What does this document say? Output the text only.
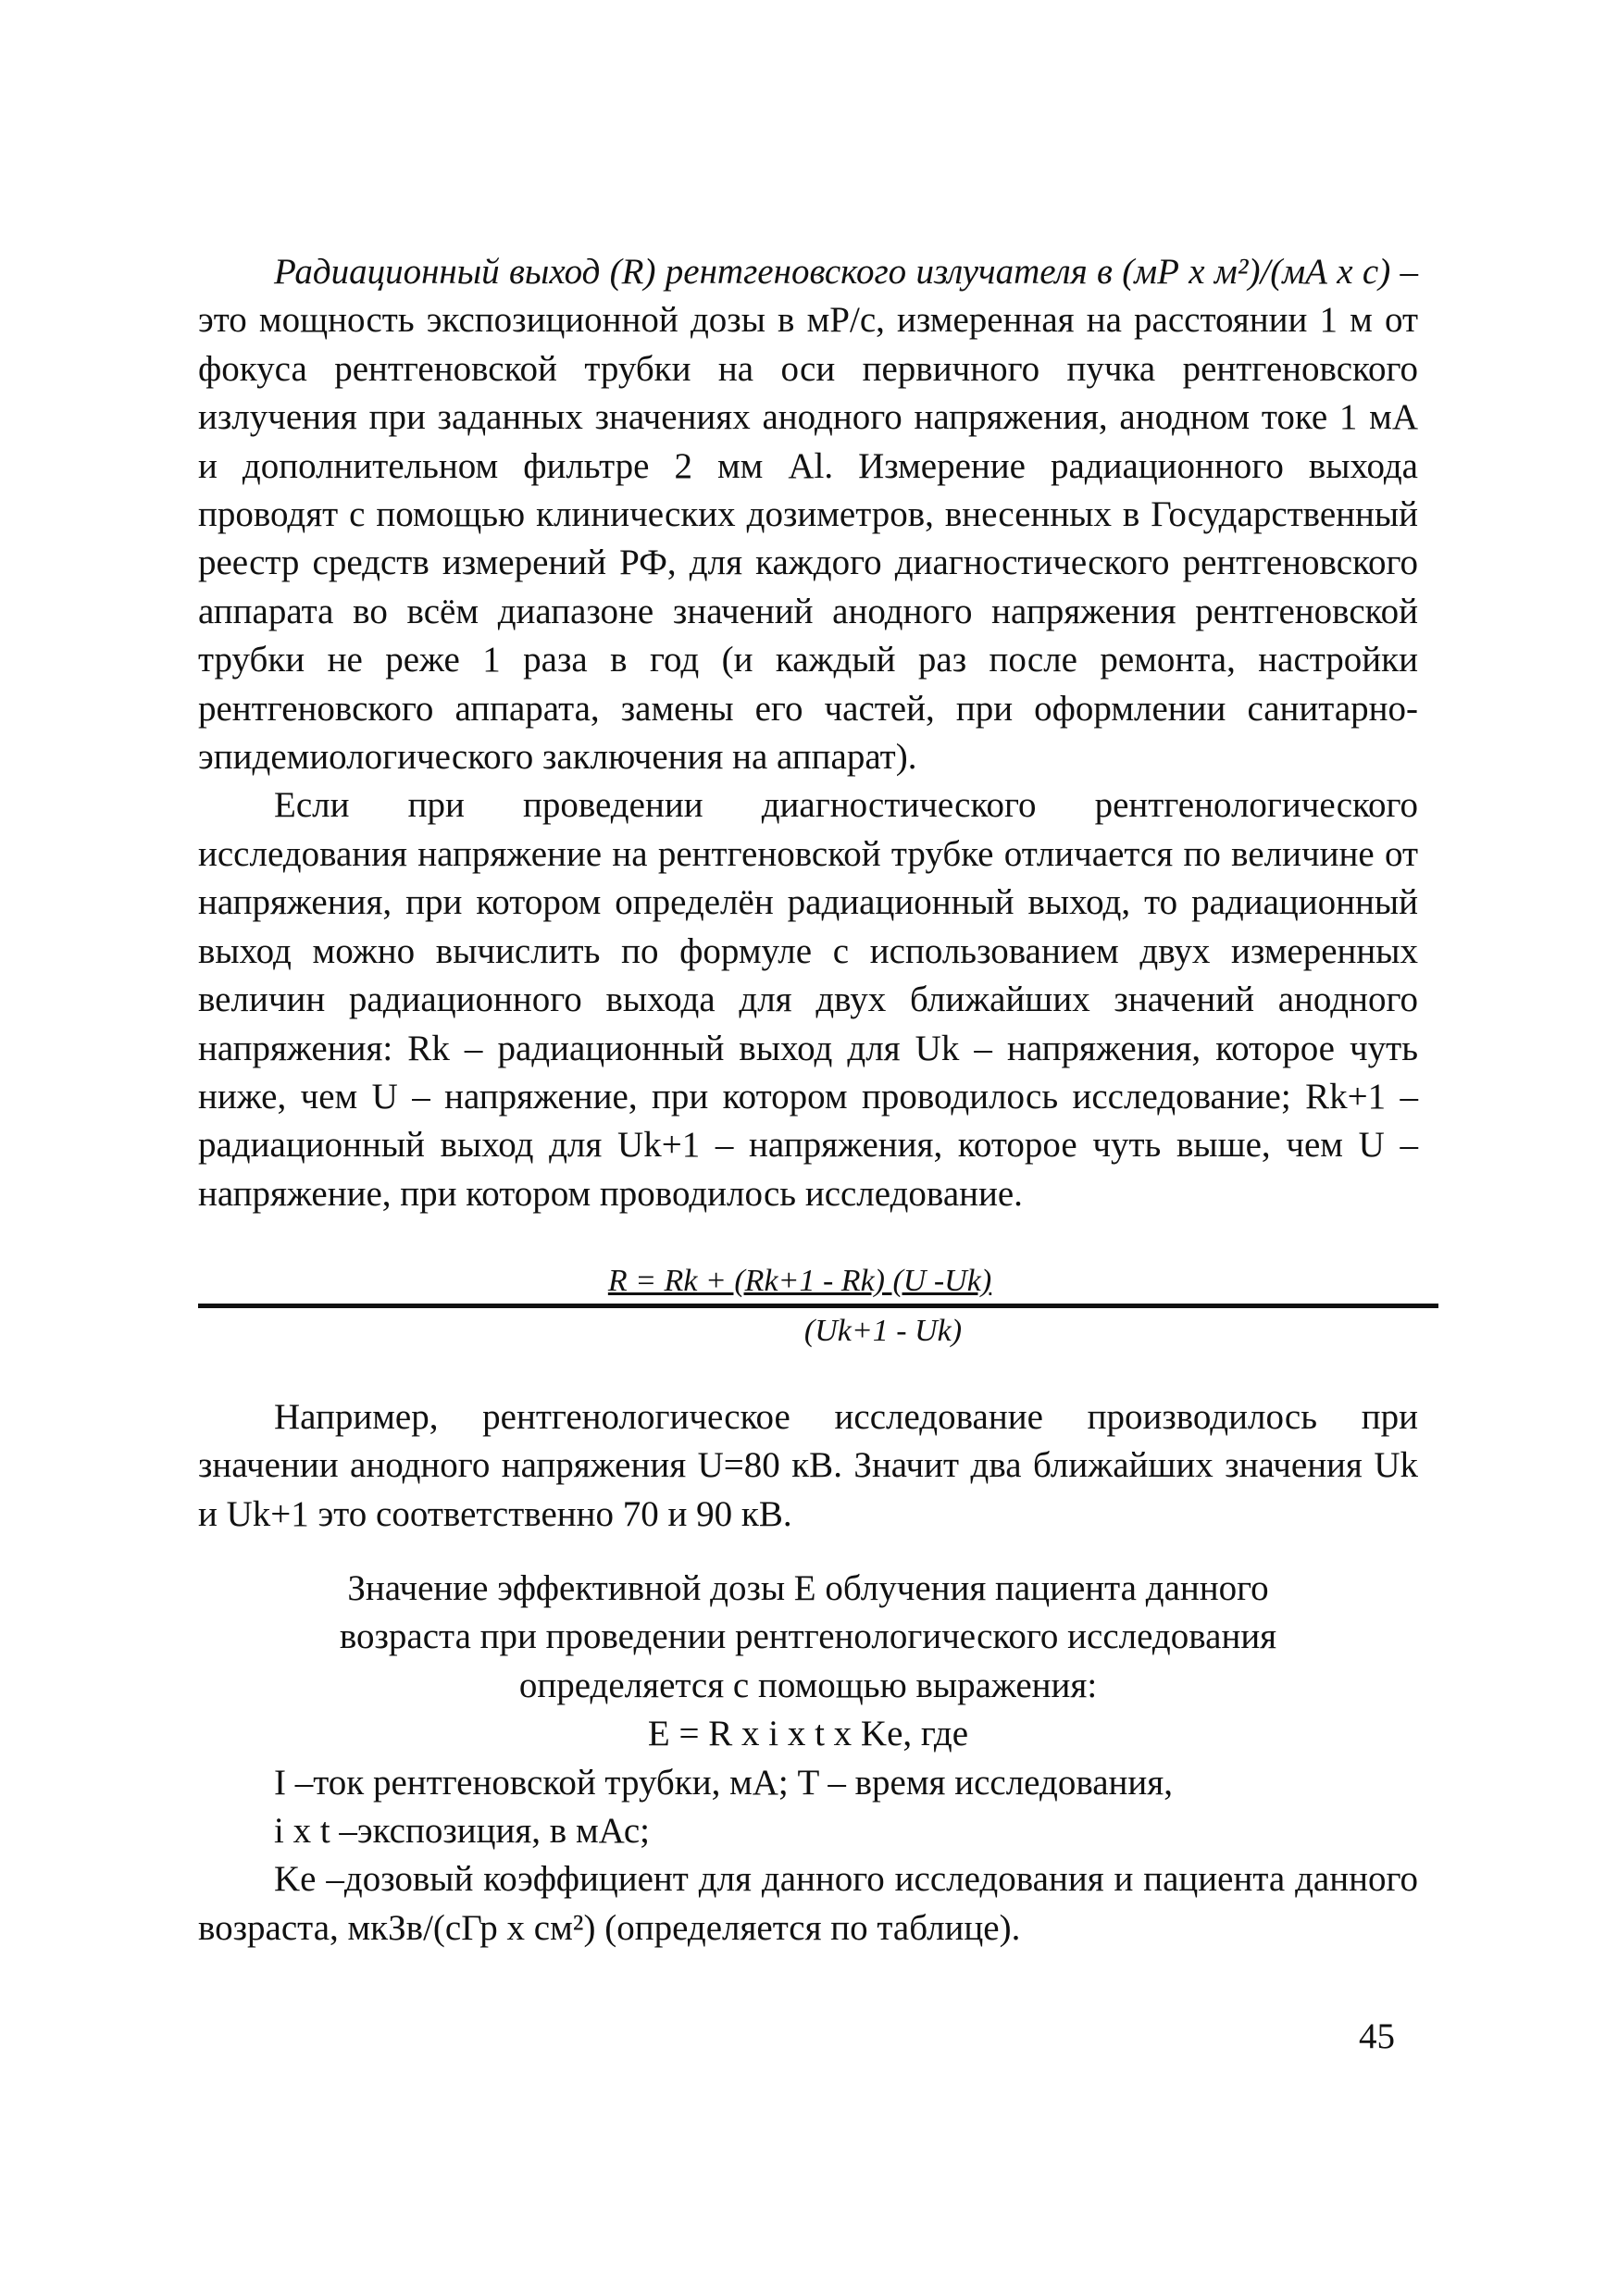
Радиационный выход (R) рентгеновского излучателя в (мР х м²)/(мА х с) – это мощность экспозиционной дозы в мР/с, измеренная на расстоянии 1 м от фокуса рентгеновской трубки на оси первичного пучка рентгеновского излучения при заданных значениях анодного напряжения, анодном токе 1 мА и дополнительном фильтре 2 мм Al. Измерение радиационного выхода проводят с помощью клинических дозиметров, внесенных в Государственный реестр средств измерений РФ, для каждого диагностического рентгеновского аппарата во всём диапазоне значений анодного напряжения рентгеновской трубки не реже 1 раза в год (и каждый раз после ремонта, настройки рентгеновского аппарата, замены его частей, при оформлении санитарно-эпидемиологического заключения на аппарат).

Если при проведении диагностического рентгенологического исследования напряжение на рентгеновской трубке отличается по величине от напряжения, при котором определён радиационный выход, то радиационный выход можно вычислить по формуле с использованием двух измеренных величин радиационного выхода для двух ближайших значений анодного напряжения: Rk – радиационный выход для Uk – напряжения, которое чуть ниже, чем U – напряжение, при котором проводилось исследование; Rk+1 – радиационный выход для Uk+1 – напряжения, которое чуть выше, чем U – напряжение, при котором проводилось исследование.

$\frac{R = Rk + (Rk+1 - Rk) (U -Uk)}{(Uk+1 - Uk)}$

Например, рентгенологическое исследование производилось при значении анодного напряжения U=80 кВ. Значит два ближайших значения Uk и Uk+1 это соответственно 70 и 90 кВ.

Значение эффективной дозы E облучения пациента данного

возраста при проведении рентгенологического исследования

определяется с помощью выражения:

E = R x i x t x Ke, где

I –ток рентгеновской трубки, мА; T – время исследования,

i x t –экспозиция, в мАс;

Ke –дозовый коэффициент для данного исследования и пациента данного возраста, мкЗв/(сГр х см²) (определяется по таблице).

45
